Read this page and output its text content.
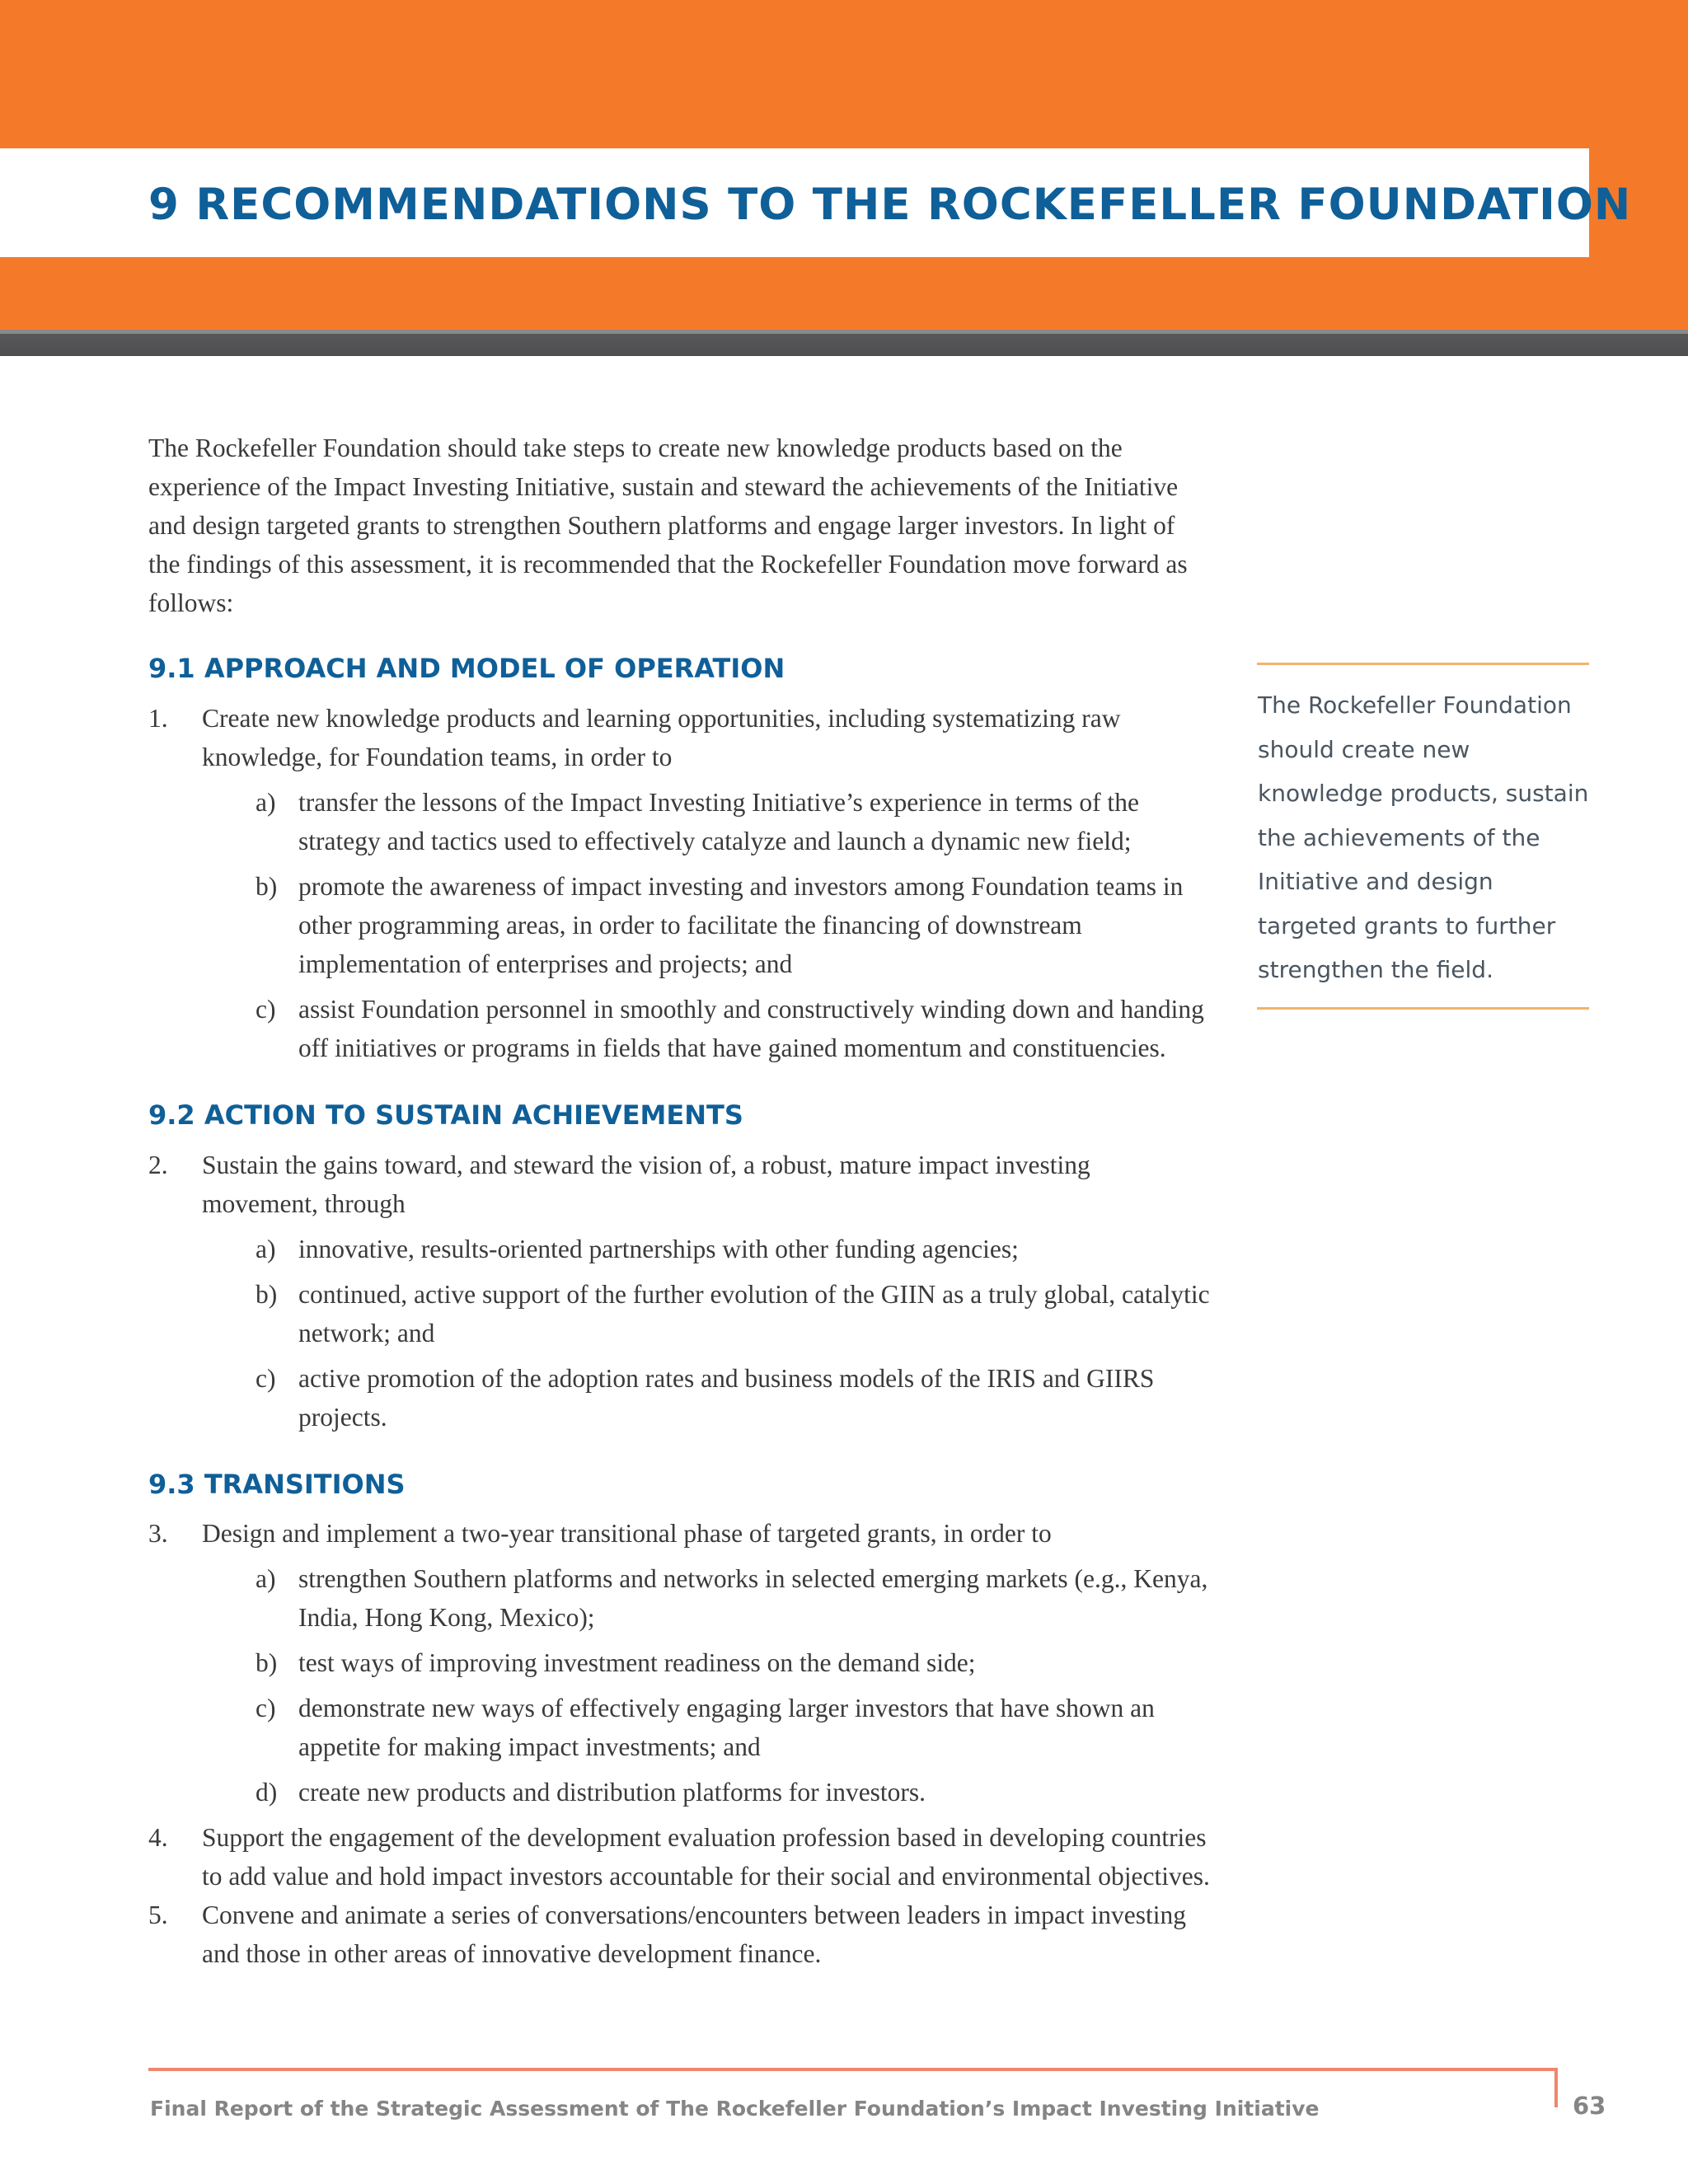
9 RECOMMENDATIONS TO THE ROCKEFELLER FOUNDATION

The Rockefeller Foundation should take steps to create new knowledge products based on the experience of the Impact Investing Initiative, sustain and steward the achievements of the Initiative and design targeted grants to strengthen Southern platforms and engage larger investors. In light of the findings of this assessment, it is recommended that the Rockefeller Foundation move forward as follows:

9.1 APPROACH AND MODEL OF OPERATION
1. Create new knowledge products and learning opportunities, including systematizing raw knowledge, for Foundation teams, in order to
a) transfer the lessons of the Impact Investing Initiative’s experience in terms of the strategy and tactics used to effectively catalyze and launch a dynamic new field;
b) promote the awareness of impact investing and investors among Foundation teams in other programming areas, in order to facilitate the financing of downstream implementation of enterprises and projects; and
c) assist Foundation personnel in smoothly and constructively winding down and handing off initiatives or programs in fields that have gained momentum and constituencies.
9.2 ACTION TO SUSTAIN ACHIEVEMENTS
2. Sustain the gains toward, and steward the vision of, a robust, mature impact investing movement, through
a) innovative, results-oriented partnerships with other funding agencies;
b) continued, active support of the further evolution of the GIIN as a truly global, catalytic network; and
c) active promotion of the adoption rates and business models of the IRIS and GIIRS projects.
9.3 TRANSITIONS
3. Design and implement a two-year transitional phase of targeted grants, in order to
a) strengthen Southern platforms and networks in selected emerging markets (e.g., Kenya, India, Hong Kong, Mexico);
b) test ways of improving investment readiness on the demand side;
c) demonstrate new ways of effectively engaging larger investors that have shown an appetite for making impact investments; and
d) create new products and distribution platforms for investors.
4. Support the engagement of the development evaluation profession based in developing countries to add value and hold impact investors accountable for their social and environmental objectives.
5. Convene and animate a series of conversations/encounters between leaders in impact investing and those in other areas of innovative development finance.

The Rockefeller Foundation should create new knowledge products, sustain the achievements of the Initiative and design targeted grants to further strengthen the field.

Final Report of the Strategic Assessment of The Rockefeller Foundation’s Impact Investing Initiative	63
